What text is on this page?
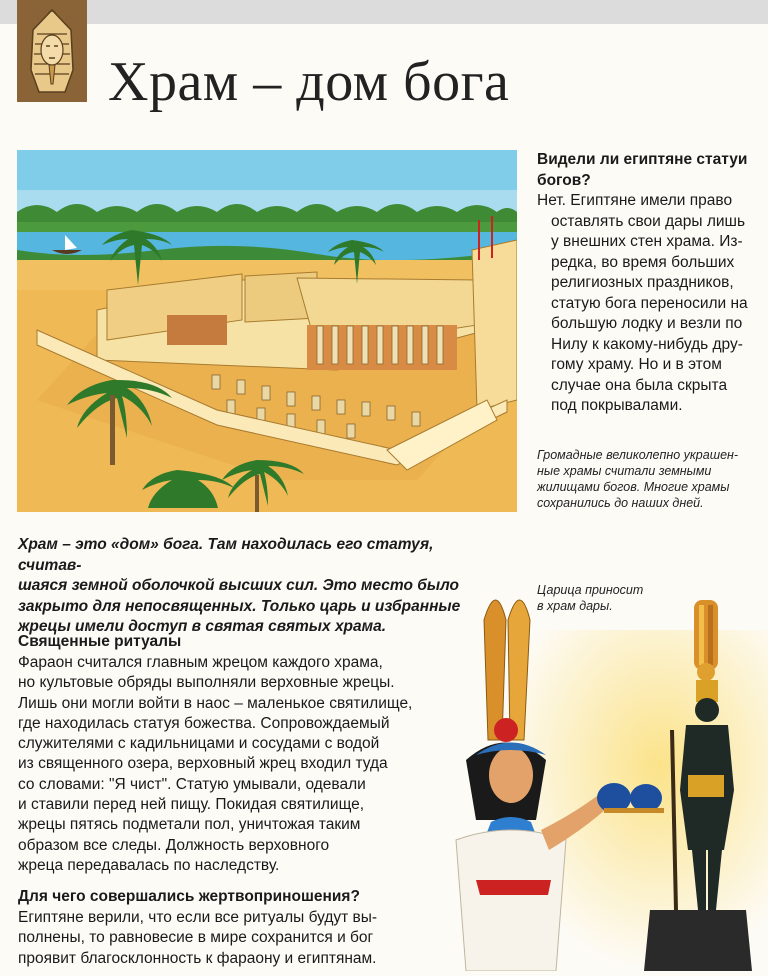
Храм – дом бога
Видели ли египтяне статуи богов?
Нет. Египтяне имели право
оставлять свои дары лишь
у внешних стен храма. Из-
редка, во время больших
религиозных праздников,
статую бога переносили на
большую лодку и везли по
Нилу к какому-нибудь дру-
гому храму. Но и в этом
случае она была скрыта
под покрывалами.
Громадные великолепно украшен-
ные храмы считали земными
жилищами богов. Многие храмы
сохранились до наших дней.
Царица приносит
в храм дары.
Храм – это «дом» бога. Там находилась его статуя, считав-
шаяся земной оболочкой высших сил. Это место было
закрыто для непосвященных. Только царь и избранные
жрецы имели доступ в святая святых храма.
Священные ритуалы
Фараон считался главным жрецом каждого храма,
но культовые обряды выполняли верховные жрецы.
Лишь они могли войти в наос – маленькое святилище,
где находилась статуя божества. Сопровождаемый
служителями с кадильницами и сосудами с водой
из священного озера, верховный жрец входил туда
со словами: "Я чист". Статую умывали, одевали
и ставили перед ней пищу. Покидая святилище,
жрецы пятясь подметали пол, уничтожая таким
образом все следы. Должность верховного
жреца передавалась по наследству.
Для чего совершались жертвоприношения?
Египтяне верили, что если все ритуалы будут вы-
полнены, то равновесие в мире сохранится и бог
проявит благосклонность к фараону и египтянам.
